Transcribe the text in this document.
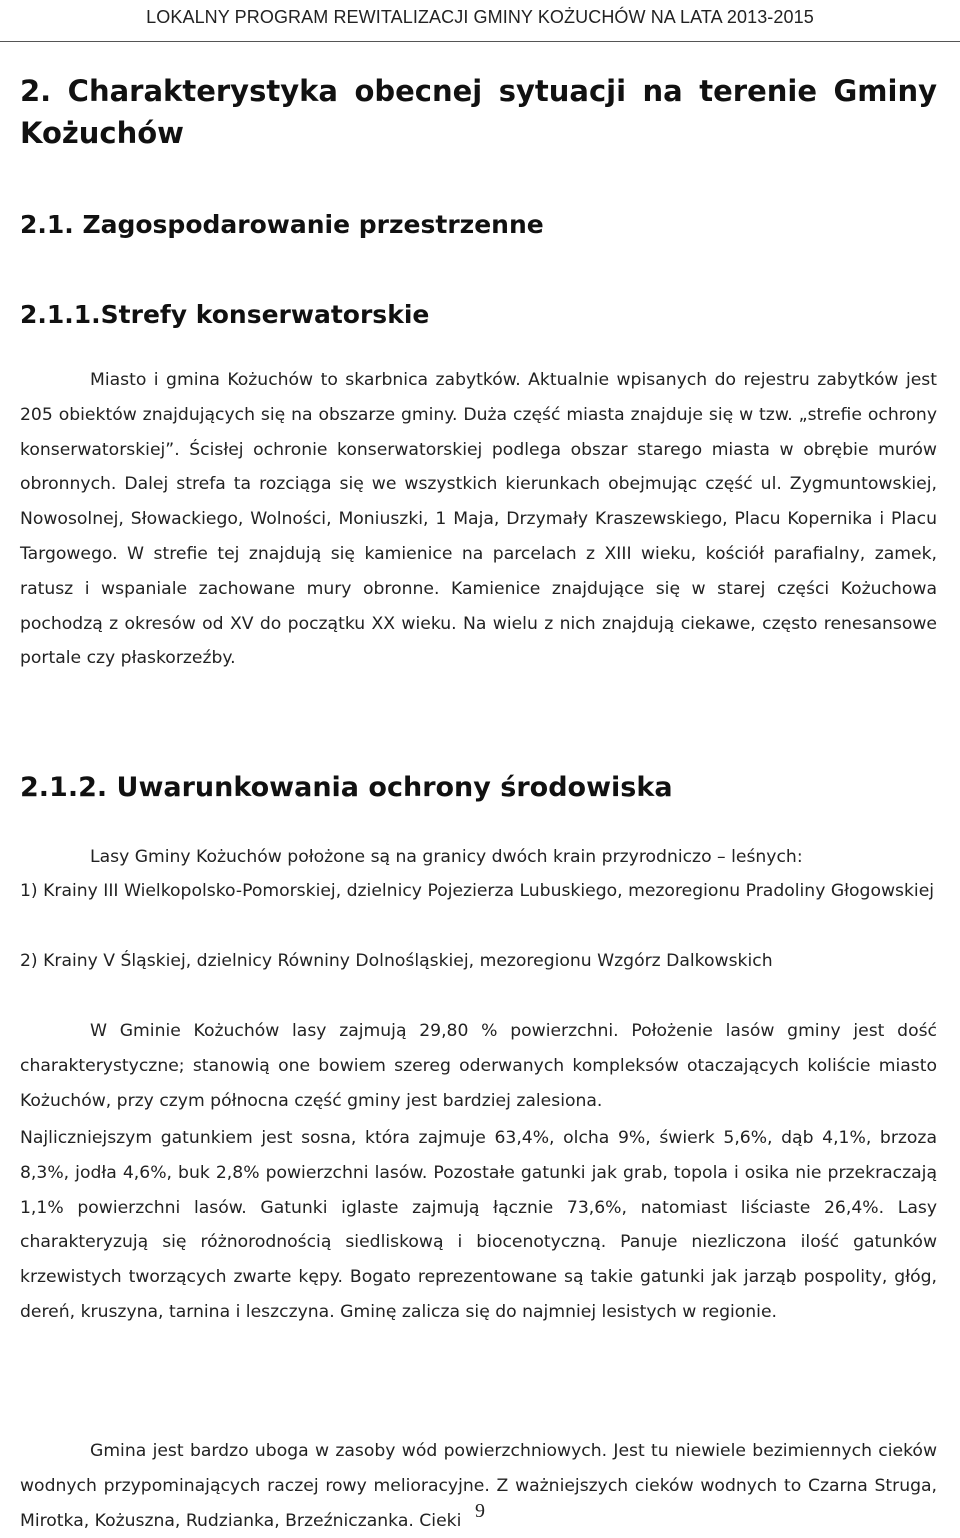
LOKALNY PROGRAM REWITALIZACJI GMINY KOŻUCHÓW NA LATA 2013-2015
2. Charakterystyka obecnej sytuacji na terenie Gminy Kożuchów
2.1. Zagospodarowanie przestrzenne
2.1.1.Strefy konserwatorskie

Miasto i gmina Kożuchów to skarbnica zabytków. Aktualnie wpisanych do rejestru zabytków jest 205 obiektów znajdujących się na obszarze gminy. Duża część miasta znajduje się w tzw. „strefie ochrony konserwatorskiej”. Ścisłej ochronie konserwatorskiej podlega obszar starego miasta w obrębie murów obronnych. Dalej strefa ta rozciąga się we wszystkich kierunkach obejmując część ul. Zygmuntowskiej, Nowosolnej, Słowackiego, Wolności, Moniuszki, 1 Maja, Drzymały Kraszewskiego, Placu Kopernika i Placu Targowego. W strefie tej znajdują się kamienice na parcelach z XIII wieku, kościół parafialny, zamek, ratusz i wspaniale zachowane mury obronne. Kamienice znajdujące się w starej części Kożuchowa pochodzą z okresów od XV do początku XX wieku. Na wielu z nich znajdują ciekawe, często renesansowe portale czy płaskorzeźby.

2.1.2. Uwarunkowania ochrony środowiska

Lasy Gminy Kożuchów położone są na granicy dwóch krain przyrodniczo – leśnych:

1) Krainy III Wielkopolsko-Pomorskiej, dzielnicy Pojezierza Lubuskiego, mezoregionu Pradoliny Głogowskiej

2) Krainy V Śląskiej, dzielnicy Równiny Dolnośląskiej, mezoregionu Wzgórz Dalkowskich

W Gminie Kożuchów lasy zajmują 29,80 % powierzchni. Położenie lasów gminy jest dość charakterystyczne; stanowią one bowiem szereg oderwanych kompleksów otaczających koliście miasto Kożuchów, przy czym północna część gminy jest bardziej zalesiona.

Najliczniejszym gatunkiem jest sosna, która zajmuje 63,4%, olcha 9%, świerk 5,6%, dąb 4,1%, brzoza 8,3%, jodła 4,6%, buk 2,8% powierzchni lasów. Pozostałe gatunki jak grab, topola i osika nie przekraczają 1,1% powierzchni lasów. Gatunki iglaste zajmują łącznie 73,6%, natomiast liściaste 26,4%. Lasy charakteryzują się różnorodnością siedliskową i biocenotyczną. Panuje niezliczona ilość gatunków krzewistych tworzących zwarte kępy. Bogato reprezentowane są takie gatunki jak jarząb pospolity, głóg, dereń, kruszyna, tarnina i leszczyna. Gminę zalicza się do najmniej lesistych w regionie.

Gmina jest bardzo uboga w zasoby wód powierzchniowych. Jest tu niewiele bezimiennych cieków wodnych przypominających raczej rowy melioracyjne. Z ważniejszych cieków wodnych to Czarna Struga, Mirotka, Kożuszna, Rudzianka, Brzeźniczanka. Cieki 9
